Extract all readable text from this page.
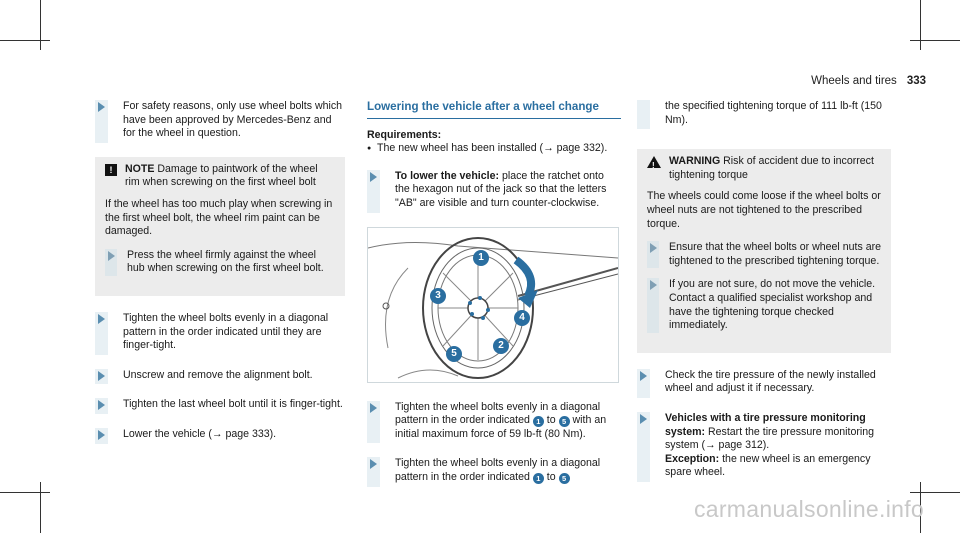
Wheels and tires 333
For safety reasons, only use wheel bolts which have been approved by Mercedes-Benz and for the wheel in question.
!	NOTE Damage to paintwork of the wheel rim when screwing on the first wheel bolt
If the wheel has too much play when screwing in the first wheel bolt, the wheel rim paint can be damaged.
Press the wheel firmly against the wheel hub when screwing on the first wheel bolt.
Tighten the wheel bolts evenly in a diagonal pattern in the order indicated until they are finger-tight.
Unscrew and remove the alignment bolt.
Tighten the last wheel bolt until it is finger-tight.
Lower the vehicle (→ page 333).
Lowering the vehicle after a wheel change
Requirements:
● The new wheel has been installed (→ page 332).
To lower the vehicle: place the ratchet onto the hexagon nut of the jack so that the letters "AB" are visible and turn counter-clockwise.
1
2
3
4
5
Tighten the wheel bolts evenly in a diagonal pattern in the order indicated 1 to 5 with an initial maximum force of 59 lb-ft (80 Nm).
Tighten the wheel bolts evenly in a diagonal pattern in the order indicated 1 to 5
the specified tightening torque of 111 lb-ft (150 Nm).
! WARNING Risk of accident due to incorrect tightening torque
The wheels could come loose if the wheel bolts or wheel nuts are not tightened to the prescribed torque.
Ensure that the wheel bolts or wheel nuts are tightened to the prescribed tightening torque.
If you are not sure, do not move the vehicle. Contact a qualified specialist workshop and have the tightening torque checked immediately.
Check the tire pressure of the newly installed wheel and adjust it if necessary.
Vehicles with a tire pressure monitoring system: Restart the tire pressure monitoring system (→ page 312).
Exception: the new wheel is an emergency spare wheel.
carmanualsonline.info
